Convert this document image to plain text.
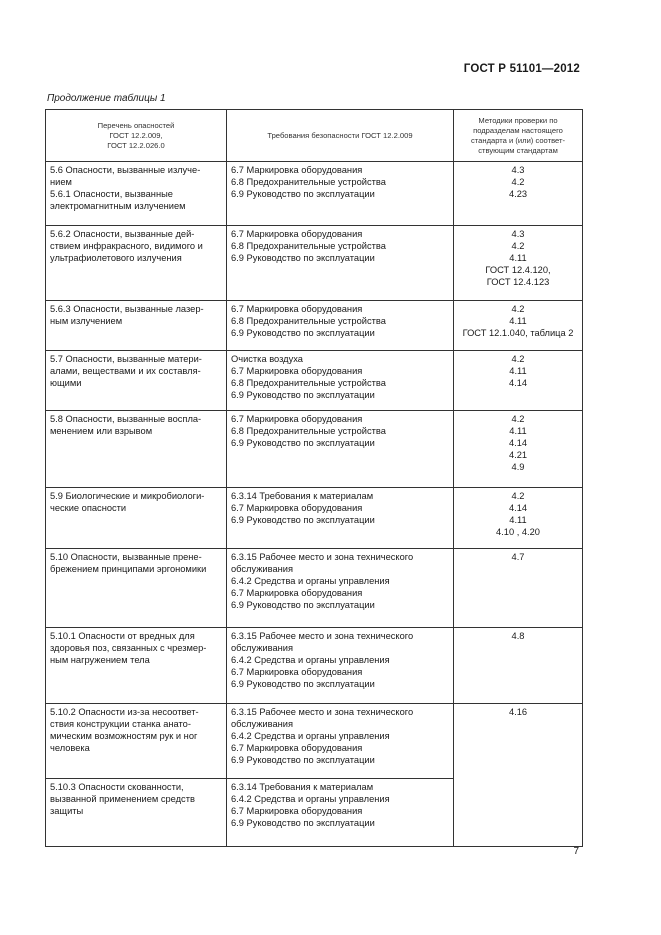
ГОСТ Р 51101—2012
Продолжение таблицы 1
Перечень опасностей
ГОСТ 12.2.009,
ГОСТ 12.2.026.0	Требования безопасности ГОСТ 12.2.009	Методики проверки по
подразделам настоящего
стандарта и (или) соответ-
ствующим стандартам

5.6 Опасности, вызванные излуче-
нием
5.6.1 Опасности, вызванные
электромагнитным излучением	6.7 Маркировка оборудования
6.8 Предохранительные устройства
6.9 Руководство по эксплуатации	4.3
4.2
4.23

5.6.2 Опасности, вызванные дей-
ствием инфракрасного, видимого и
ультрафиолетового излучения	6.7 Маркировка оборудования
6.8 Предохранительные устройства
6.9 Руководство по эксплуатации	4.3
4.2
4.11
ГОСТ 12.4.120,
ГОСТ 12.4.123

5.6.3 Опасности, вызванные лазер-
ным излучением	6.7 Маркировка оборудования
6.8 Предохранительные устройства
6.9 Руководство по эксплуатации	4.2
4.11
ГОСТ 12.1.040, таблица 2

5.7 Опасности, вызванные матери-
алами, веществами и их составля-
ющими	Очистка воздуха
6.7 Маркировка оборудования
6.8 Предохранительные устройства
6.9 Руководство по эксплуатации	4.2
4.11
4.14

5.8 Опасности, вызванные воспла-
менением или взрывом	6.7 Маркировка оборудования
6.8 Предохранительные устройства
6.9 Руководство по эксплуатации	4.2
4.11
4.14
4.21
4.9

5.9 Биологические и микробиологи-
ческие опасности	6.3.14 Требования к материалам
6.7 Маркировка оборудования
6.9 Руководство по эксплуатации	4.2
4.14
4.11
4.10 , 4.20

5.10 Опасности, вызванные прене-
брежением принципами эргономики	6.3.15 Рабочее место и зона технического
обслуживания
6.4.2 Средства и органы управления
6.7 Маркировка оборудования
6.9 Руководство по эксплуатации	4.7

5.10.1 Опасности от вредных для
здоровья поз, связанных с чрезмер-
ным нагружением тела	6.3.15 Рабочее место и зона технического
обслуживания
6.4.2 Средства и органы управления
6.7 Маркировка оборудования
6.9 Руководство по эксплуатации	4.8

5.10.2 Опасности из-за несоответ-
ствия конструкции станка анато-
мическим возможностям рук и ног
человека	6.3.15 Рабочее место и зона технического
обслуживания
6.4.2 Средства и органы управления
6.7 Маркировка оборудования
6.9 Руководство по эксплуатации	4.16

5.10.3 Опасности скованности,
вызванной применением средств
защиты	6.3.14 Требования к материалам
6.4.2 Средства и органы управления
6.7 Маркировка оборудования
6.9 Руководство по эксплуатации	
7
